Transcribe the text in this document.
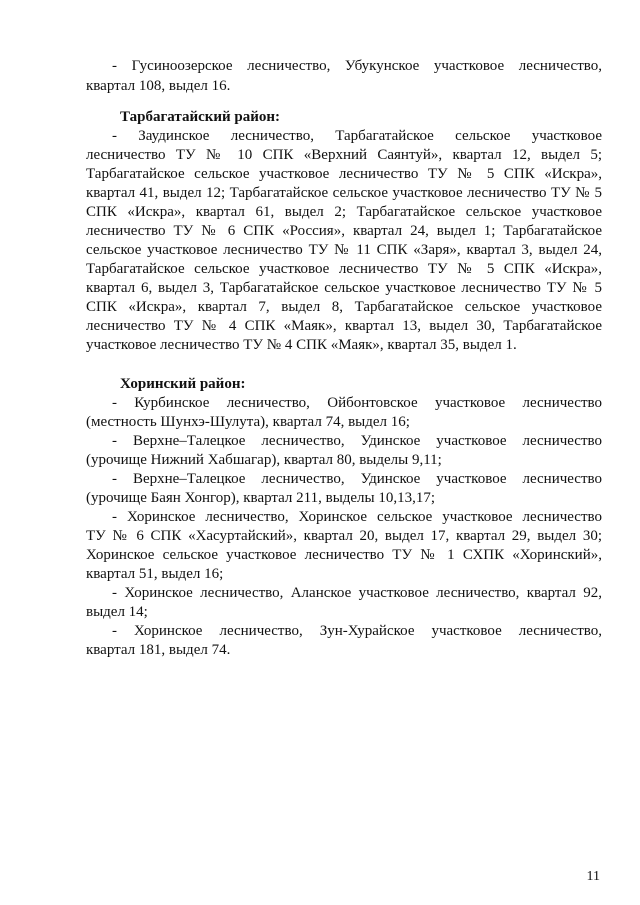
- Гусиноозерское лесничество, Убукунское участковое лесничество,
квартал 108, выдел 16.
Тарбагатайский район:
- Заудинское лесничество, Тарбагатайское сельское участковое
лесничество ТУ № 10 СПК «Верхний Саянтуй», квартал 12, выдел 5;
Тарбагатайское сельское участковое лесничество ТУ № 5 СПК «Искра»,
квартал 41, выдел 12; Тарбагатайское сельское участковое лесничество ТУ № 5
СПК «Искра», квартал 61, выдел 2; Тарбагатайское сельское участковое
лесничество ТУ № 6 СПК «Россия», квартал 24, выдел 1; Тарбагатайское
сельское участковое лесничество ТУ № 11 СПК «Заря», квартал 3, выдел 24,
Тарбагатайское сельское участковое лесничество ТУ № 5 СПК «Искра»,
квартал 6, выдел 3, Тарбагатайское сельское участковое лесничество ТУ № 5
СПК «Искра», квартал 7, выдел 8, Тарбагатайское сельское участковое
лесничество ТУ № 4 СПК «Маяк», квартал 13, выдел 30, Тарбагатайское
участковое лесничество ТУ № 4 СПК «Маяк», квартал 35, выдел 1.
Хоринский район:
- Курбинское лесничество, Ойбонтовское участковое лесничество
(местность Шунхэ-Шулута), квартал 74, выдел 16;
- Верхне–Талецкое лесничество, Удинское участковое лесничество
(урочище Нижний Хабшагар), квартал 80, выделы 9,11;
- Верхне–Талецкое лесничество, Удинское участковое лесничество
(урочище Баян Хонгор), квартал 211, выделы 10,13,17;
- Хоринское лесничество, Хоринское сельское участковое лесничество
ТУ № 6 СПК «Хасуртайский», квартал 20, выдел 17, квартал 29, выдел 30;
Хоринское сельское участковое лесничество ТУ № 1 СХПК «Хоринский»,
квартал 51, выдел 16;
- Хоринское лесничество, Аланское участковое лесничество, квартал 92,
выдел 14;
- Хоринское лесничество, Зун-Хурайское участковое лесничество,
квартал 181, выдел 74.
11
